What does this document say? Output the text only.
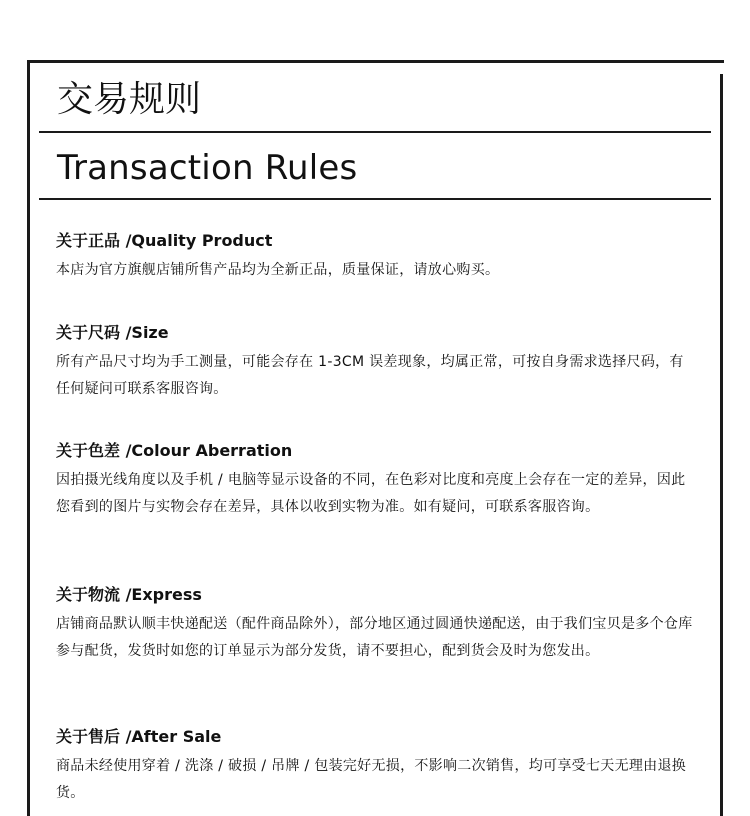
交易规则
Transaction Rules
关于正品 /Quality Product

本店为官方旗舰店铺所售产品均为全新正品，质量保证，请放心购买。

关于尺码 /Size

所有产品尺寸均为手工测量，可能会存在 1-3CM 误差现象，均属正常，可按自身需求选择尺码，有任何疑问可联系客服咨询。

关于色差 /Colour Aberration

因拍摄光线角度以及手机 / 电脑等显示设备的不同，在色彩对比度和亮度上会存在一定的差异，因此您看到的图片与实物会存在差异，具体以收到实物为准。如有疑问，可联系客服咨询。

关于物流 /Express

店铺商品默认顺丰快递配送（配件商品除外），部分地区通过圆通快递配送，由于我们宝贝是多个仓库参与配货，发货时如您的订单显示为部分发货，请不要担心，配到货会及时为您发出。

关于售后 /After Sale

商品未经使用穿着 / 洗涤 / 破损 / 吊牌 / 包装完好无损，不影响二次销售，均可享受七天无理由退换货。
